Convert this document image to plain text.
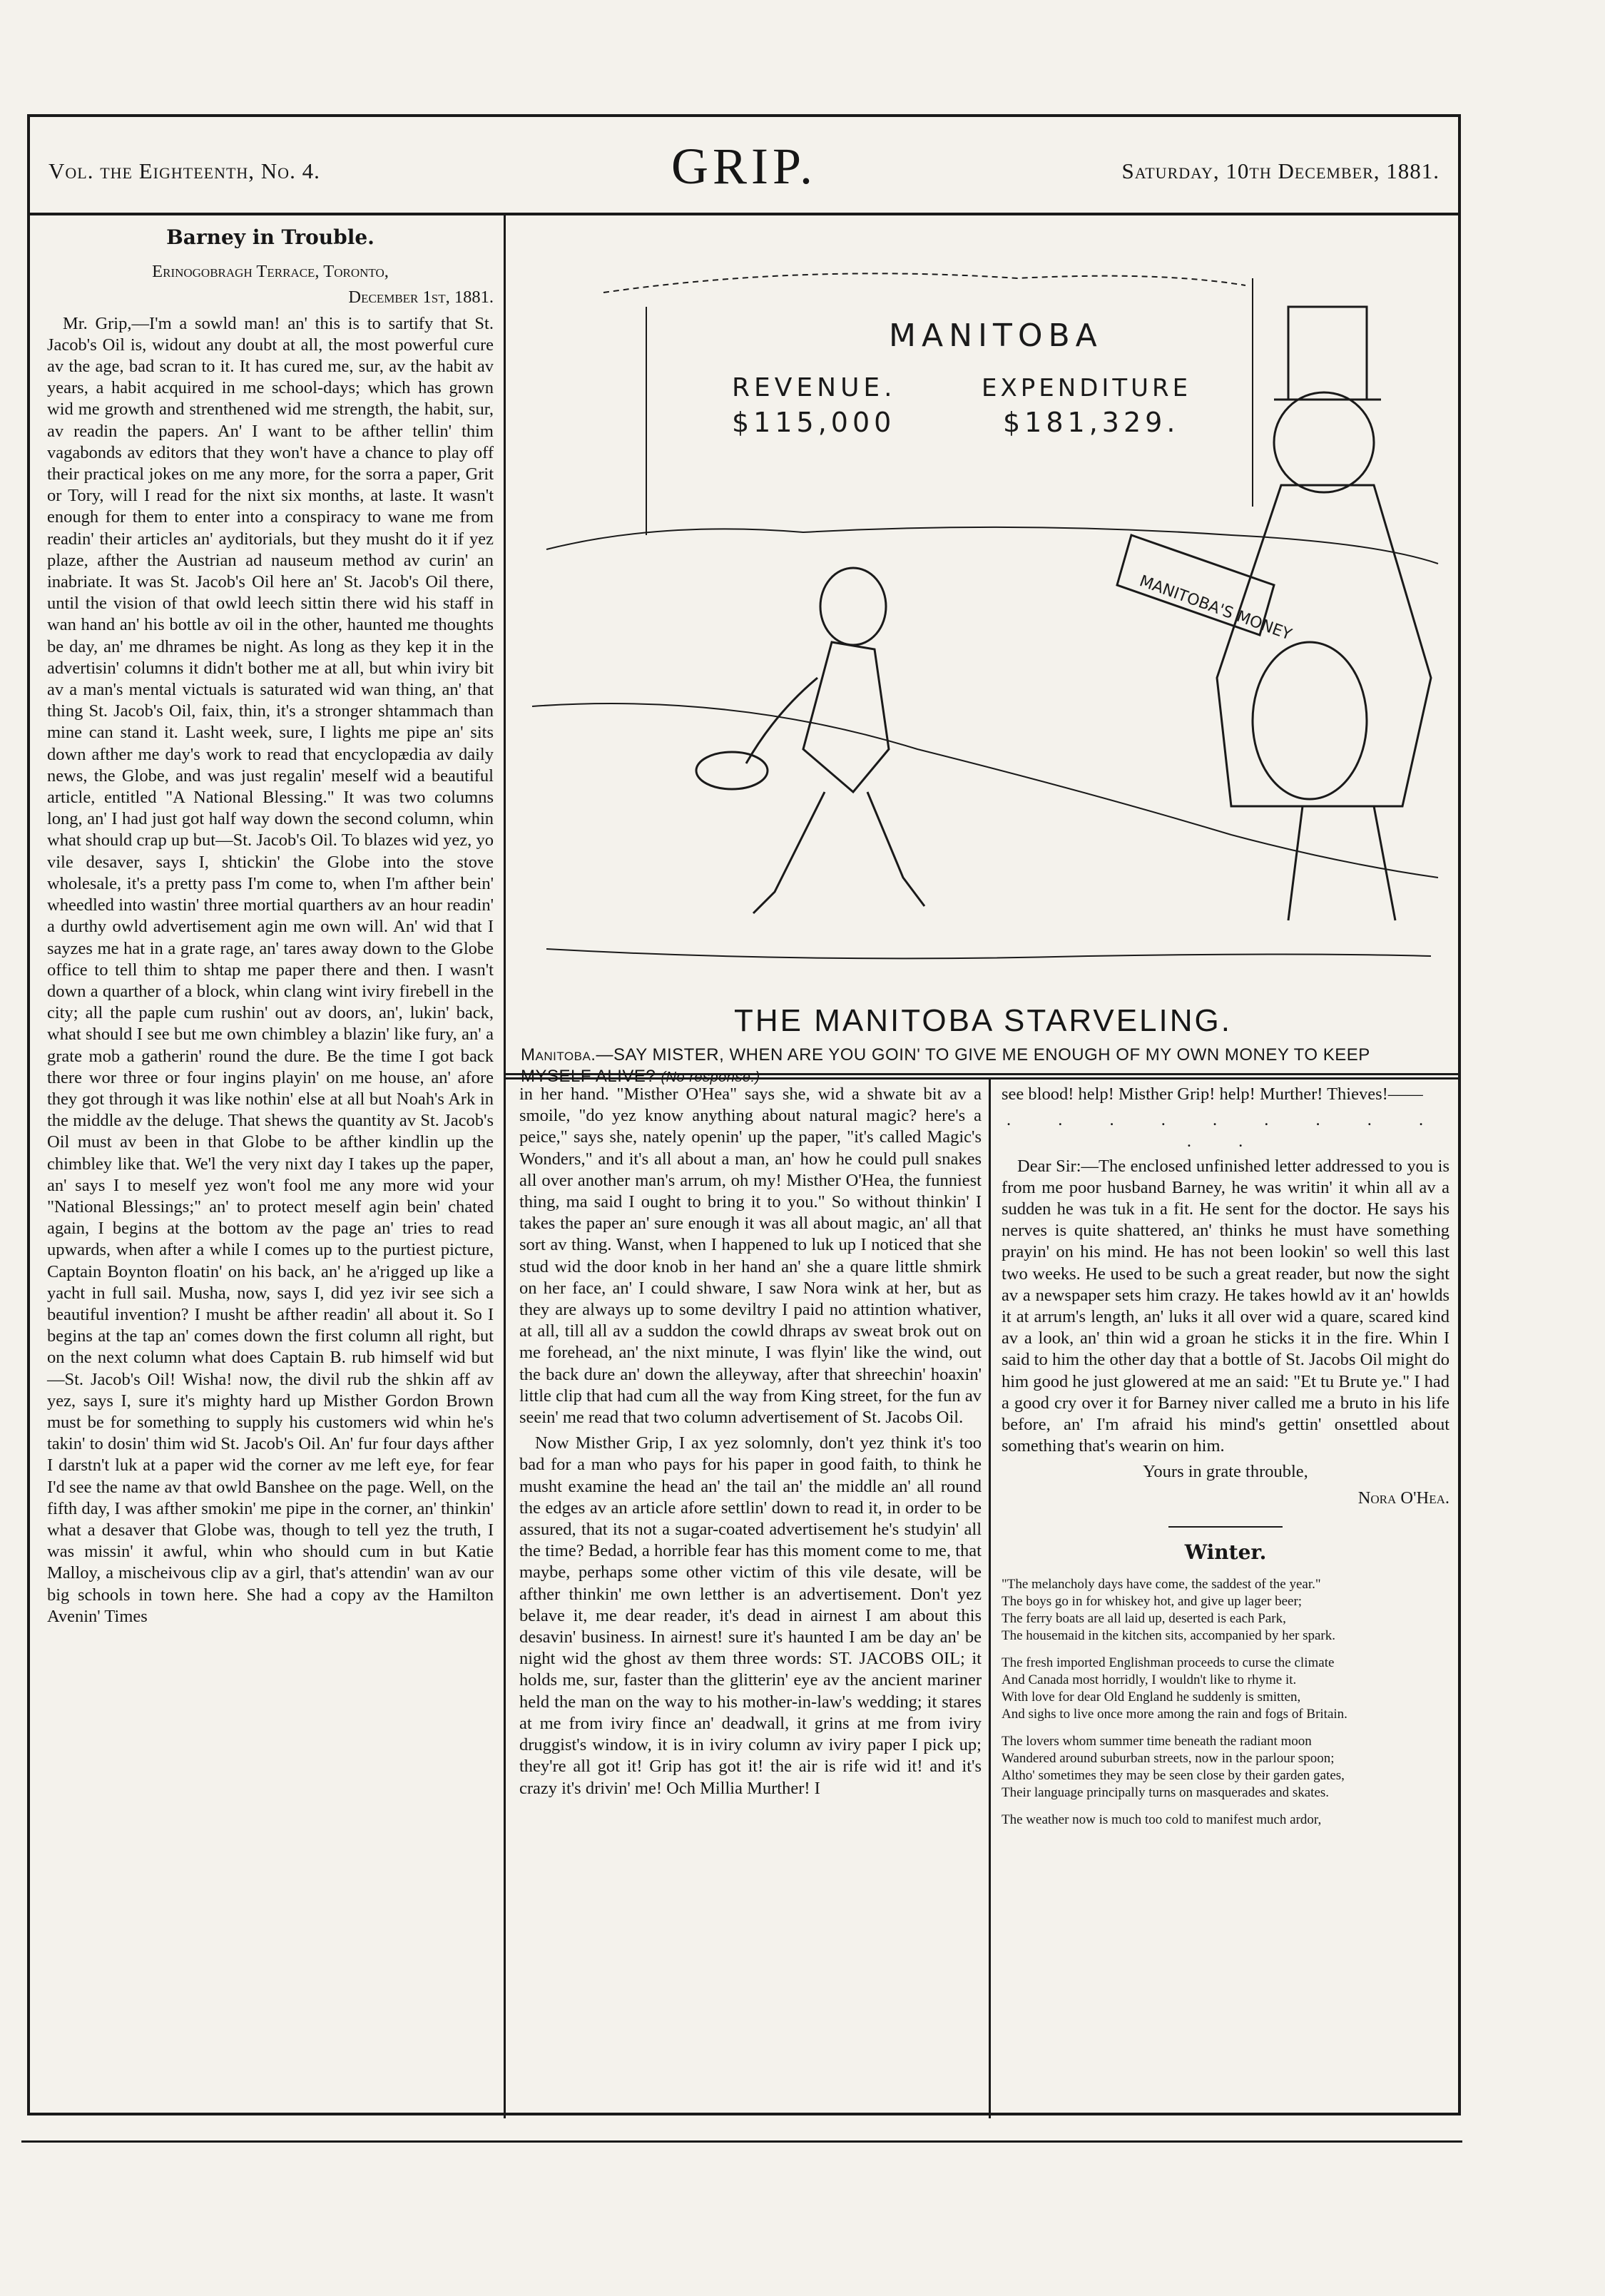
Vol. the Eighteenth, No. 4.	GRIP.	Saturday, 10th December, 1881.
Barney in Trouble.

Erinogobragh Terrace, Toronto,

December 1st, 1881.

Mr. Grip,—I'm a sowld man! an' this is to sartify that St. Jacob's Oil is, widout any doubt at all, the most powerful cure av the age, bad scran to it. It has cured me, sur, av the habit av years, a habit acquired in me school-days; which has grown wid me growth and strenthened wid me strength, the habit, sur, av readin the papers. An' I want to be afther tellin' thim vagabonds av editors that they won't have a chance to play off their practical jokes on me any more, for the sorra a paper, Grit or Tory, will I read for the nixt six months, at laste. It wasn't enough for them to enter into a conspiracy to wane me from readin' their articles an' ayditorials, but they musht do it if yez plaze, afther the Austrian ad nauseum method av curin' an inabriate. It was St. Jacob's Oil here an' St. Jacob's Oil there, until the vision of that owld leech sittin there wid his staff in wan hand an' his bottle av oil in the other, haunted me thoughts be day, an' me dhrames be night. As long as they kep it in the advertisin' columns it didn't bother me at all, but whin iviry bit av a man's mental victuals is saturated wid wan thing, an' that thing St. Jacob's Oil, faix, thin, it's a stronger shtammach than mine can stand it. Lasht week, sure, I lights me pipe an' sits down afther me day's work to read that encyclopædia av daily news, the Globe, and was just regalin' meself wid a beautiful article, entitled "A National Blessing." It was two columns long, an' I had just got half way down the second column, whin what should crap up but—St. Jacob's Oil. To blazes wid yez, yo vile desaver, says I, shtickin' the Globe into the stove wholesale, it's a pretty pass I'm come to, when I'm afther bein' wheedled into wastin' three mortial quarthers av an hour readin' a durthy owld advertisement agin me own will. An' wid that I sayzes me hat in a grate rage, an' tares away down to the Globe office to tell thim to shtap me paper there and then. I wasn't down a quarther of a block, whin clang wint iviry firebell in the city; all the paple cum rushin' out av doors, an', lukin' back, what should I see but me own chimbley a blazin' like fury, an' a grate mob a gatherin' round the dure. Be the time I got back there wor three or four ingins playin' on me house, an' afore they got through it was like nothin' else at all but Noah's Ark in the middle av the deluge. That shews the quantity av St. Jacob's Oil must av been in that Globe to be afther kindlin up the chimbley like that. We'l the very nixt day I takes up the paper, an' says I to meself yez won't fool me any more wid your "National Blessings;" an' to protect meself agin bein' chated again, I begins at the bottom av the page an' tries to read upwards, when after a while I comes up to the purtiest picture, Captain Boynton floatin' on his back, an' he a'rigged up like a yacht in full sail. Musha, now, says I, did yez ivir see sich a beautiful invention? I musht be afther readin' all about it. So I begins at the tap an' comes down the first column all right, but on the next column what does Captain B. rub himself wid but—St. Jacob's Oil! Wisha! now, the divil rub the shkin aff av yez, says I, sure it's mighty hard up Misther Gordon Brown must be for something to supply his customers wid whin he's takin' to dosin' thim wid St. Jacob's Oil. An' fur four days afther I darstn't luk at a paper wid the corner av me left eye, for fear I'd see the name av that owld Banshee on the page. Well, on the fifth day, I was afther smokin' me pipe in the corner, an' thinkin' what a desaver that Globe was, though to tell yez the truth, I was missin' it awful, whin who should cum in but Katie Malloy, a mischeivous clip av a girl, that's attendin' wan av our big schools in town here. She had a copy av the Hamilton Avenin' Times

MANITOBA
REVENUE.
$115,000
EXPENDITURE
$181,329.
MANITOBA'S MONEY
THE MANITOBA STARVELING.
Manitoba.—SAY MISTER, WHEN ARE YOU GOIN' TO GIVE ME ENOUGH OF MY OWN MONEY TO KEEP MYSELF ALIVE? (No response.)

in her hand. "Misther O'Hea" says she, wid a shwate bit av a smoile, "do yez know anything about natural magic? here's a peice," says she, nately openin' up the paper, "it's called Magic's Wonders," and it's all about a man, an' how he could pull snakes all over another man's arrum, oh my! Misther O'Hea, the funniest thing, ma said I ought to bring it to you." So without thinkin' I takes the paper an' sure enough it was all about magic, an' all that sort av thing. Wanst, when I happened to luk up I noticed that she stud wid the door knob in her hand an' she a quare little shmirk on her face, an' I could shware, I saw Nora wink at her, but as they are always up to some deviltry I paid no attintion whativer, at all, till all av a suddon the cowld dhraps av sweat brok out on me forehead, an' the nixt minute, I was flyin' like the wind, out the back dure an' down the alleyway, after that shreechin' hoaxin' little clip that had cum all the way from King street, for the fun av seein' me read that two column advertisement of St. Jacobs Oil.

Now Misther Grip, I ax yez solomnly, don't yez think it's too bad for a man who pays for his paper in good faith, to think he musht examine the head an' the tail an' the middle an' all round the edges av an article afore settlin' down to read it, in order to be assured, that its not a sugar-coated advertisement he's studyin' all the time? Bedad, a horrible fear has this moment come to me, that maybe, perhaps some other victim of this vile desate, will be afther thinkin' me own letther is an advertisement. Don't yez belave it, me dear reader, it's dead in airnest I am about this desavin' business. In airnest! sure it's haunted I am be day an' be night wid the ghost av them three words: ST. JACOBS OIL; it holds me, sur, faster than the glitterin' eye av the ancient mariner held the man on the way to his mother-in-law's wedding; it stares at me from iviry fince an' deadwall, it grins at me from iviry druggist's window, it is in iviry column av iviry paper I pick up; they're all got it! Grip has got it! the air is rife wid it! and it's crazy it's drivin' me! Och Millia Murther! I

see blood! help! Misther Grip! help! Murther! Thieves!——

. . . . . . . . . . .

Dear Sir:—The enclosed unfinished letter addressed to you is from me poor husband Barney, he was writin' it whin all av a sudden he was tuk in a fit. He sent for the doctor. He says his nerves is quite shattered, an' thinks he must have something prayin' on his mind. He has not been lookin' so well this last two weeks. He used to be such a great reader, but now the sight av a newspaper sets him crazy. He takes howld av it an' howlds it at arrum's length, an' luks it all over wid a quare, scared kind av a look, an' thin wid a groan he sticks it in the fire. Whin I said to him the other day that a bottle of St. Jacobs Oil might do him good he just glowered at me an said: "Et tu Brute ye." I had a good cry over it for Barney niver called me a bruto in his life before, an' I'm afraid his mind's gettin' onsettled about something that's wearin on him.

Yours in grate throuble,

Nora O'Hea.

Winter.
"The melancholy days have come, the saddest of the year."
The boys go in for whiskey hot, and give up lager beer;
The ferry boats are all laid up, deserted is each Park,
The housemaid in the kitchen sits, accompanied by her spark.
The fresh imported Englishman proceeds to curse the climate
And Canada most horridly, I wouldn't like to rhyme it.
With love for dear Old England he suddenly is smitten,
And sighs to live once more among the rain and fogs of Britain.
The lovers whom summer time beneath the radiant moon
Wandered around suburban streets, now in the parlour spoon;
Altho' sometimes they may be seen close by their garden gates,
Their language principally turns on masquerades and skates.
The weather now is much too cold to manifest much ardor,
